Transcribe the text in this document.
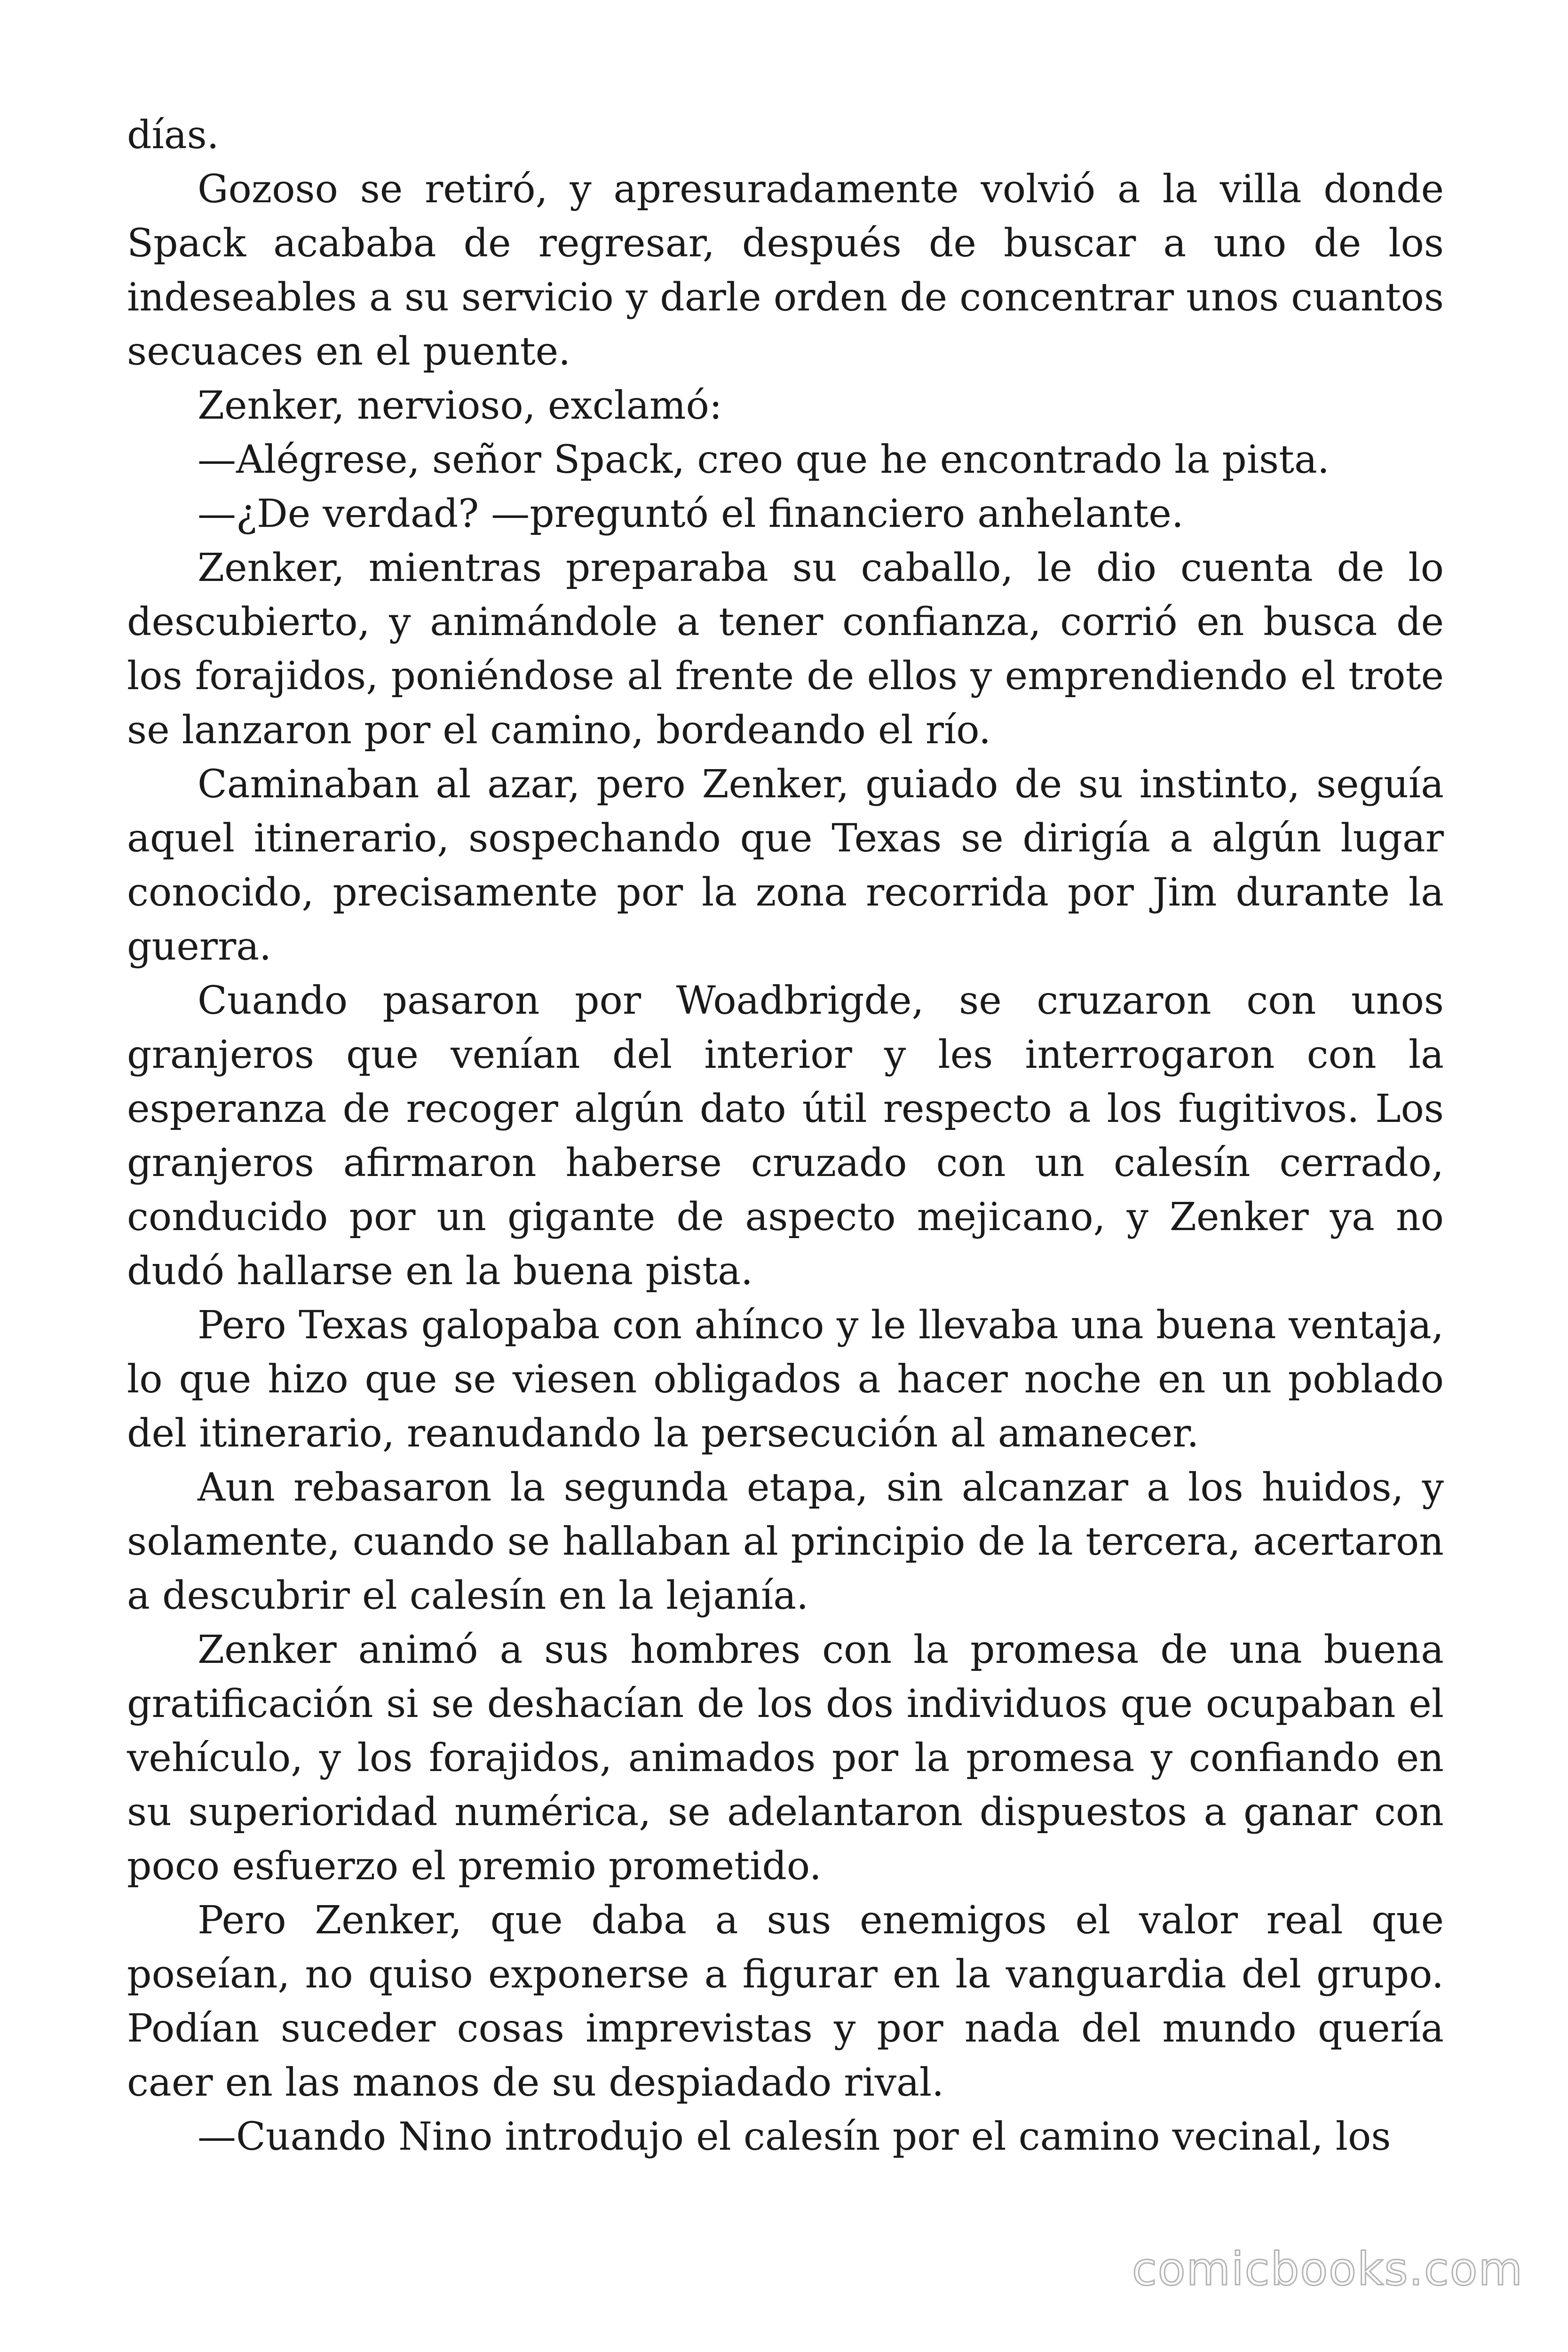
días.

Gozoso se retiró, y apresuradamente volvió a la villa donde Spack acababa de regresar, después de buscar a uno de los indeseables a su servicio y darle orden de concentrar unos cuantos secuaces en el puente.

Zenker, nervioso, exclamó:

—Alégrese, señor Spack, creo que he encontrado la pista.

—¿De verdad? —preguntó el financiero anhelante.

Zenker, mientras preparaba su caballo, le dio cuenta de lo descubierto, y animándole a tener confianza, corrió en busca de los forajidos, poniéndose al frente de ellos y emprendiendo el trote se lanzaron por el camino, bordeando el río.

Caminaban al azar, pero Zenker, guiado de su instinto, seguía aquel itinerario, sospechando que Texas se dirigía a algún lugar conocido, precisamente por la zona recorrida por Jim durante la guerra.

Cuando pasaron por Woadbrigde, se cruzaron con unos granjeros que venían del interior y les interrogaron con la esperanza de recoger algún dato útil respecto a los fugitivos. Los granjeros afirmaron haberse cruzado con un calesín cerrado, conducido por un gigante de aspecto mejicano, y Zenker ya no dudó hallarse en la buena pista.

Pero Texas galopaba con ahínco y le llevaba una buena ventaja, lo que hizo que se viesen obligados a hacer noche en un poblado del itinerario, reanudando la persecución al amanecer.

Aun rebasaron la segunda etapa, sin alcanzar a los huidos, y solamente, cuando se hallaban al principio de la tercera, acertaron a descubrir el calesín en la lejanía.

Zenker animó a sus hombres con la promesa de una buena gratificación si se deshacían de los dos individuos que ocupaban el vehículo, y los forajidos, animados por la promesa y confiando en su superioridad numérica, se adelantaron dispuestos a ganar con poco esfuerzo el premio prometido.

Pero Zenker, que daba a sus enemigos el valor real que poseían, no quiso exponerse a figurar en la vanguardia del grupo. Podían suceder cosas imprevistas y por nada del mundo quería caer en las manos de su despiadado rival.

—Cuando Nino introdujo el calesín por el camino vecinal, los

comicbooks.com
